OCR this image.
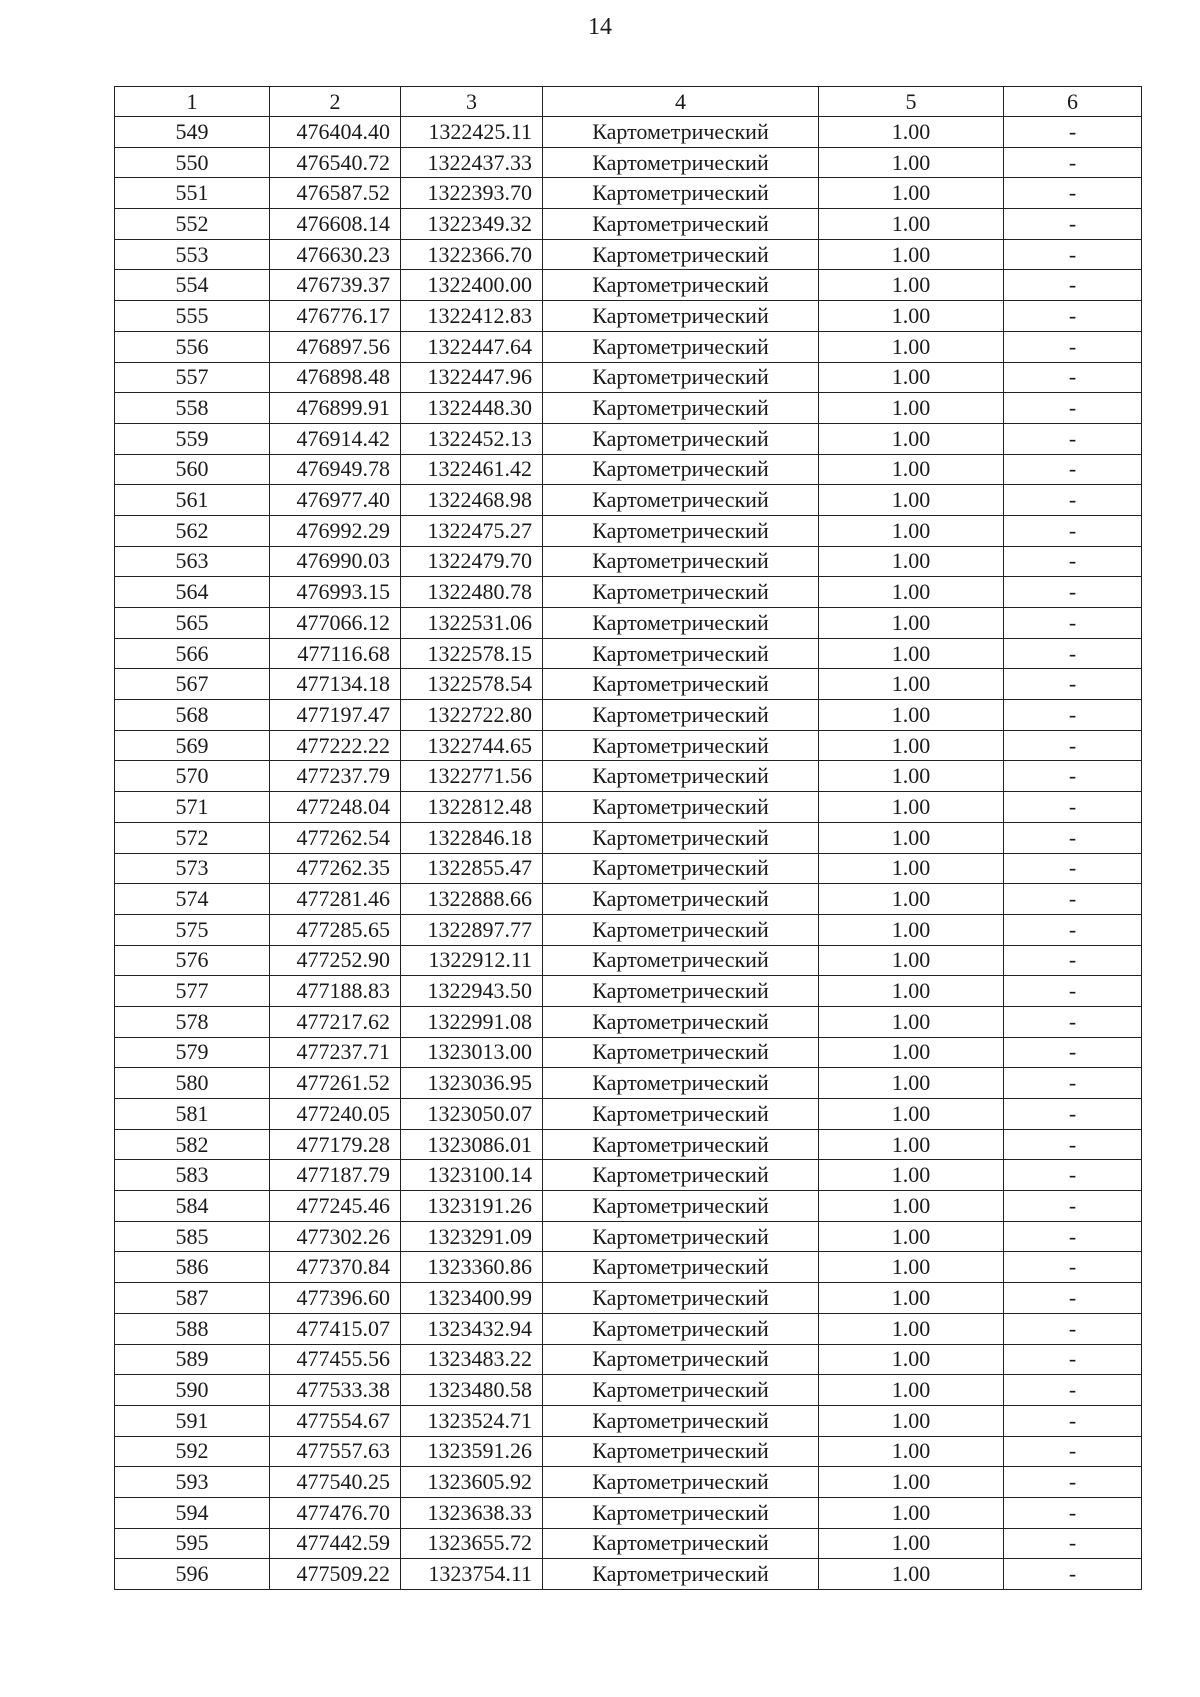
14
1	2	3	4	5	6
549	476404.40	1322425.11	Картометрический	1.00	-
550	476540.72	1322437.33	Картометрический	1.00	-
551	476587.52	1322393.70	Картометрический	1.00	-
552	476608.14	1322349.32	Картометрический	1.00	-
553	476630.23	1322366.70	Картометрический	1.00	-
554	476739.37	1322400.00	Картометрический	1.00	-
555	476776.17	1322412.83	Картометрический	1.00	-
556	476897.56	1322447.64	Картометрический	1.00	-
557	476898.48	1322447.96	Картометрический	1.00	-
558	476899.91	1322448.30	Картометрический	1.00	-
559	476914.42	1322452.13	Картометрический	1.00	-
560	476949.78	1322461.42	Картометрический	1.00	-
561	476977.40	1322468.98	Картометрический	1.00	-
562	476992.29	1322475.27	Картометрический	1.00	-
563	476990.03	1322479.70	Картометрический	1.00	-
564	476993.15	1322480.78	Картометрический	1.00	-
565	477066.12	1322531.06	Картометрический	1.00	-
566	477116.68	1322578.15	Картометрический	1.00	-
567	477134.18	1322578.54	Картометрический	1.00	-
568	477197.47	1322722.80	Картометрический	1.00	-
569	477222.22	1322744.65	Картометрический	1.00	-
570	477237.79	1322771.56	Картометрический	1.00	-
571	477248.04	1322812.48	Картометрический	1.00	-
572	477262.54	1322846.18	Картометрический	1.00	-
573	477262.35	1322855.47	Картометрический	1.00	-
574	477281.46	1322888.66	Картометрический	1.00	-
575	477285.65	1322897.77	Картометрический	1.00	-
576	477252.90	1322912.11	Картометрический	1.00	-
577	477188.83	1322943.50	Картометрический	1.00	-
578	477217.62	1322991.08	Картометрический	1.00	-
579	477237.71	1323013.00	Картометрический	1.00	-
580	477261.52	1323036.95	Картометрический	1.00	-
581	477240.05	1323050.07	Картометрический	1.00	-
582	477179.28	1323086.01	Картометрический	1.00	-
583	477187.79	1323100.14	Картометрический	1.00	-
584	477245.46	1323191.26	Картометрический	1.00	-
585	477302.26	1323291.09	Картометрический	1.00	-
586	477370.84	1323360.86	Картометрический	1.00	-
587	477396.60	1323400.99	Картометрический	1.00	-
588	477415.07	1323432.94	Картометрический	1.00	-
589	477455.56	1323483.22	Картометрический	1.00	-
590	477533.38	1323480.58	Картометрический	1.00	-
591	477554.67	1323524.71	Картометрический	1.00	-
592	477557.63	1323591.26	Картометрический	1.00	-
593	477540.25	1323605.92	Картометрический	1.00	-
594	477476.70	1323638.33	Картометрический	1.00	-
595	477442.59	1323655.72	Картометрический	1.00	-
596	477509.22	1323754.11	Картометрический	1.00	-
